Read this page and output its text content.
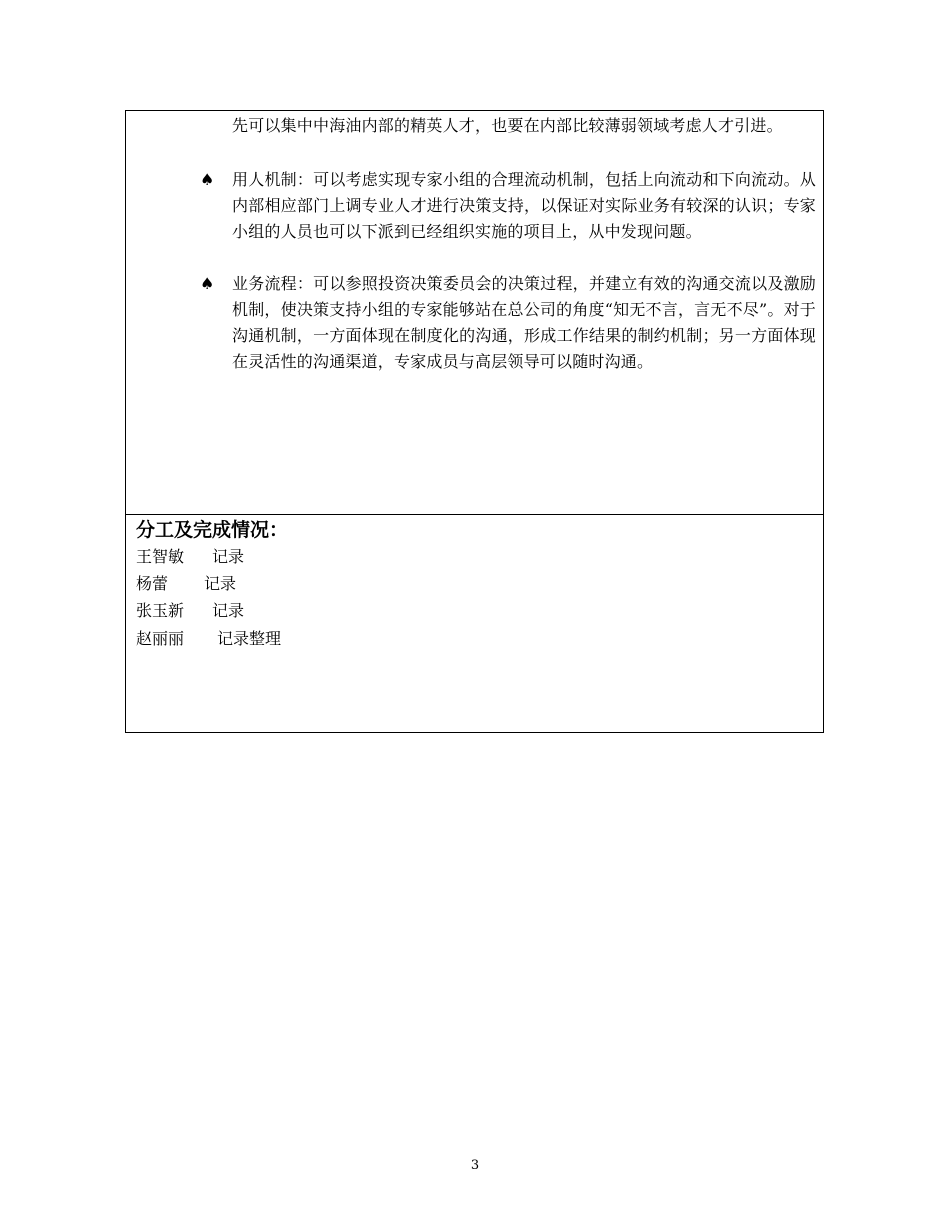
先可以集中中海油内部的精英人才，也要在内部比较薄弱领域考虑人才引进。
♠ 用人机制：可以考虑实现专家小组的合理流动机制，包括上向流动和下向流动。从内部相应部门上调专业人才进行决策支持，以保证对实际业务有较深的认识；专家小组的人员也可以下派到已经组织实施的项目上，从中发现问题。
♠ 业务流程：可以参照投资决策委员会的决策过程，并建立有效的沟通交流以及激励机制，使决策支持小组的专家能够站在总公司的角度“知无不言，言无不尽”。对于沟通机制，一方面体现在制度化的沟通，形成工作结果的制约机制；另一方面体现在灵活性的沟通渠道，专家成员与高层领导可以随时沟通。
分工及完成情况：
王智敏 记录
杨蕾 记录
张玉新 记录
赵丽丽 记录整理
3
